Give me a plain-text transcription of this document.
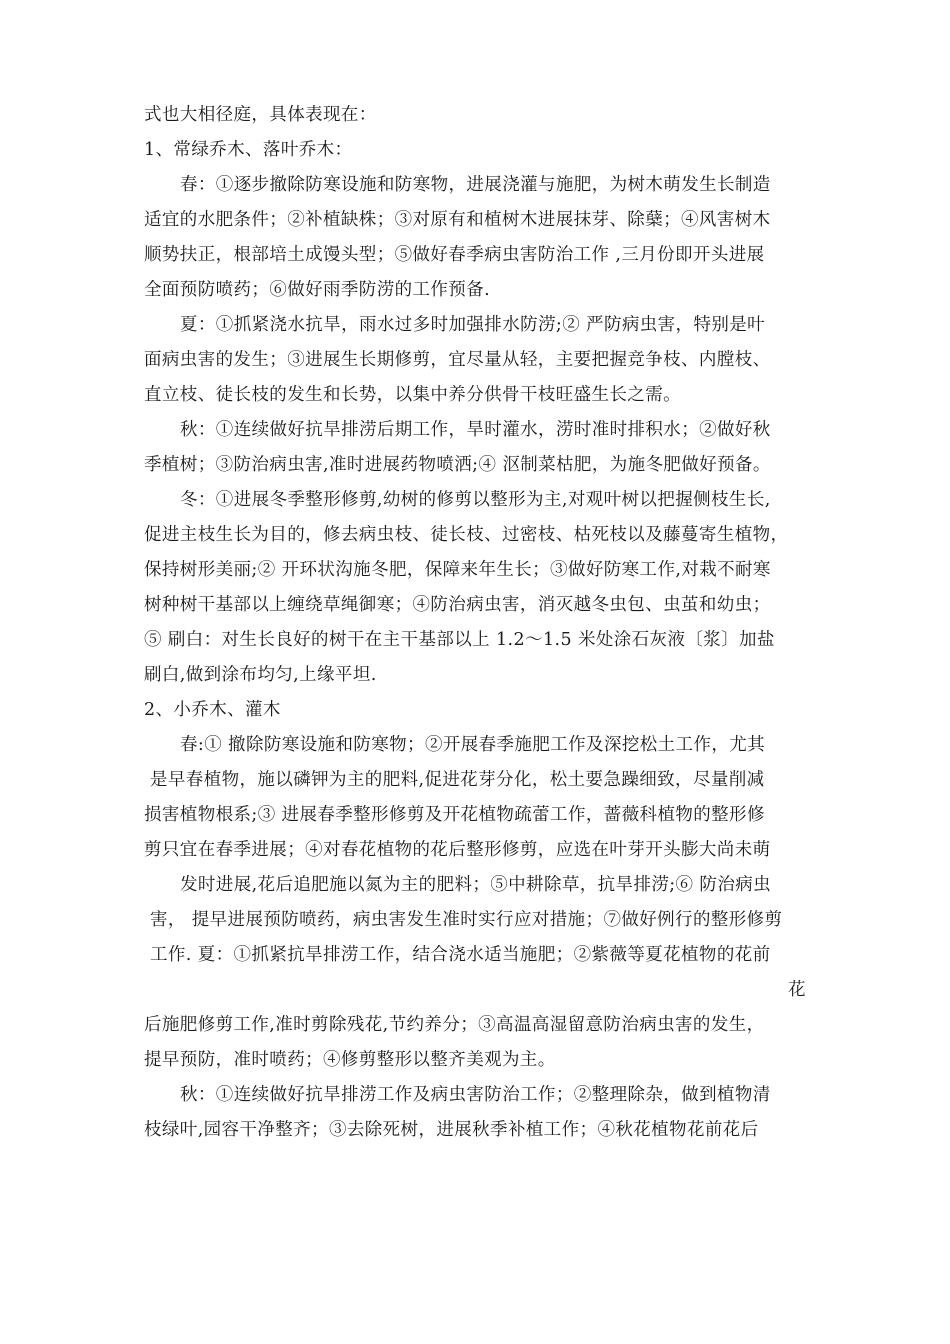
式也大相径庭，具体表现在：
1、常绿乔木、落叶乔木：
春：①逐步撤除防寒设施和防寒物，进展浇灌与施肥，为树木萌发生长制造
适宜的水肥条件；②补植缺株；③对原有和植树木进展抹芽、除蘖；④风害树木
顺势扶正，根部培土成馒头型；⑤做好春季病虫害防治工作 ,三月份即开头进展
全面预防喷药；⑥做好雨季防涝的工作预备.
夏：①抓紧浇水抗旱，雨水过多时加强排水防涝;② 严防病虫害，特别是叶
面病虫害的发生；③进展生长期修剪，宜尽量从轻，主要把握竞争枝、内膛枝、
直立枝、徒长枝的发生和长势，以集中养分供骨干枝旺盛生长之需。
秋：①连续做好抗旱排涝后期工作，旱时灌水，涝时准时排积水；②做好秋
季植树；③防治病虫害,准时进展药物喷洒;④ 沤制菜枯肥，为施冬肥做好预备。
冬：①进展冬季整形修剪,幼树的修剪以整形为主,对观叶树以把握侧枝生长,
促进主枝生长为目的，修去病虫枝、徒长枝、过密枝、枯死枝以及藤蔓寄生植物，
保持树形美丽;② 开环状沟施冬肥，保障来年生长；③做好防寒工作,对栽不耐寒
树种树干基部以上缠绕草绳御寒；④防治病虫害，消灭越冬虫包、虫茧和幼虫；
⑤ 刷白：对生长良好的树干在主干基部以上 1.2～1.5 米处涂石灰液〔浆〕加盐
刷白,做到涂布均匀,上缘平坦.
2、小乔木、灌木
春:① 撤除防寒设施和防寒物；②开展春季施肥工作及深挖松土工作，尤其
是早春植物，施以磷钾为主的肥料,促进花芽分化，松土要急躁细致，尽量削减
损害植物根系;③ 进展春季整形修剪及开花植物疏蕾工作，蔷薇科植物的整形修
剪只宜在春季进展；④对春花植物的花后整形修剪，应选在叶芽开头膨大尚未萌
发时进展,花后追肥施以氮为主的肥料；⑤中耕除草，抗旱排涝;⑥ 防治病虫
害， 提早进展预防喷药，病虫害发生准时实行应对措施；⑦做好例行的整形修剪
工作. 夏：①抓紧抗旱排涝工作，结合浇水适当施肥；②紫薇等夏花植物的花前
花
后施肥修剪工作,准时剪除残花,节约养分；③高温高湿留意防治病虫害的发生，
提早预防，准时喷药；④修剪整形以整齐美观为主。
秋：①连续做好抗旱排涝工作及病虫害防治工作；②整理除杂，做到植物清
枝绿叶,园容干净整齐；③去除死树，进展秋季补植工作；④秋花植物花前花后
